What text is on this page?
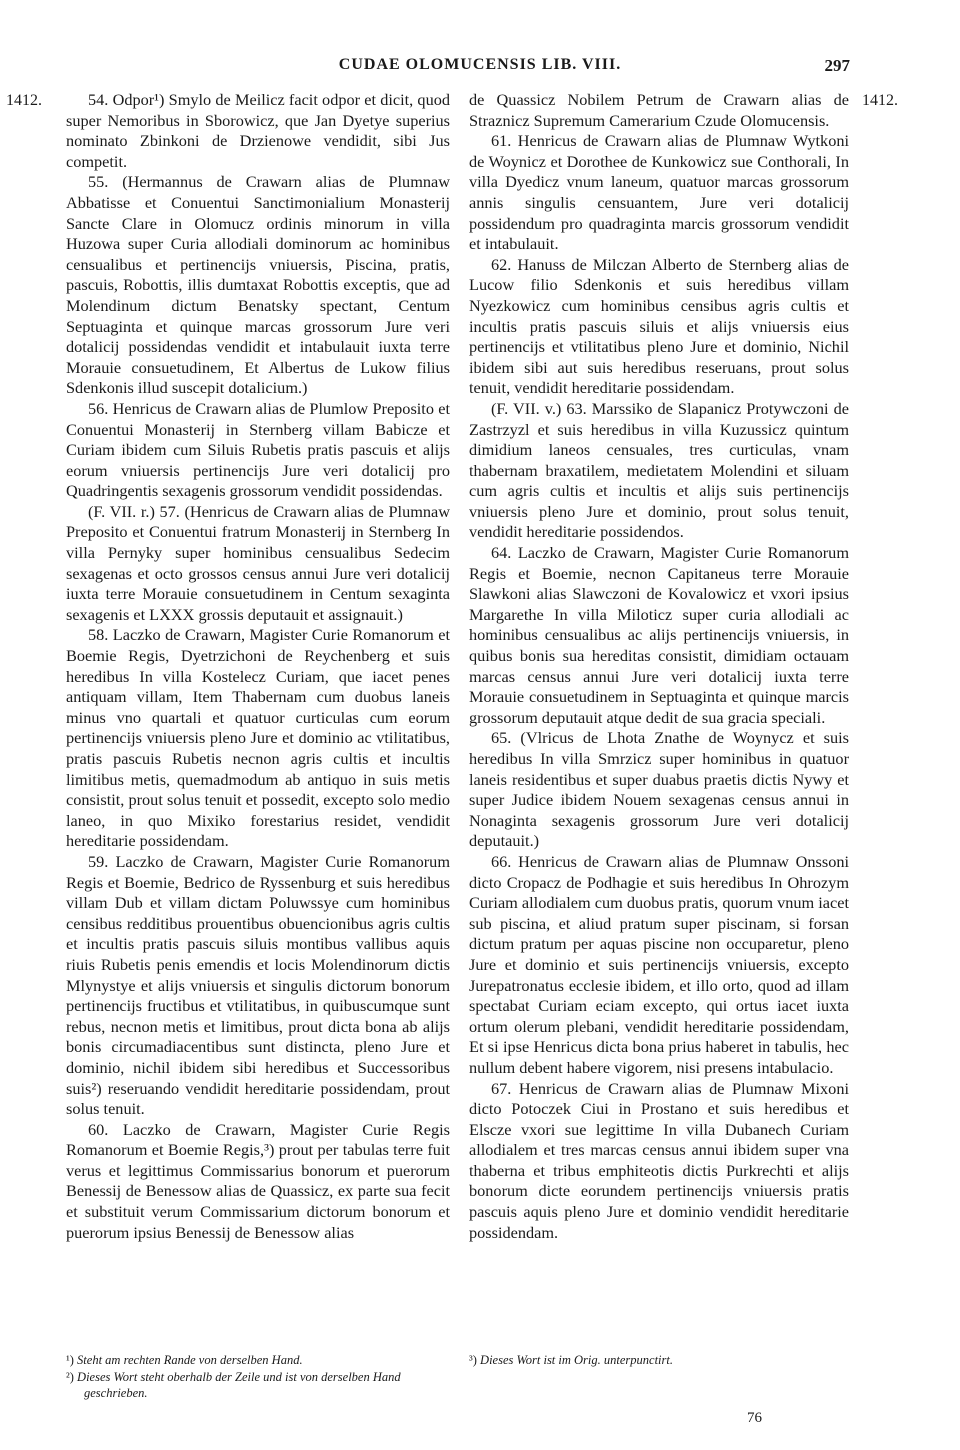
CUDAE OLOMUCENSIS LIB. VIII.	297
1412.	1412.

54. Odpor¹) Smylo de Meilicz facit odpor et dicit, quod super Nemoribus in Sborowicz, que Jan Dyetye superius nominato Zbinkoni de Drzienowe vendidit, sibi Jus competit.

55. (Hermannus de Crawarn alias de Plumnaw Abbatisse et Conuentui Sanctimonialium Monasterij Sancte Clare in Olomucz ordinis minorum in villa Huzowa super Curia allodiali dominorum ac hominibus censualibus et pertinencijs vniuersis, Piscina, pratis, pascuis, Robottis, illis dumtaxat Robottis exceptis, que ad Molendinum dictum Benatsky spectant, Centum Septuaginta et quinque marcas grossorum Jure veri dotalicij possidendas vendidit et intabulauit iuxta terre Morauie consuetudinem, Et Albertus de Lukow filius Sdenkonis illud suscepit dotalicium.)

56. Henricus de Crawarn alias de Plumlow Preposito et Conuentui Monasterij in Sternberg villam Babicze et Curiam ibidem cum Siluis Rubetis pratis pascuis et alijs eorum vniuersis pertinencijs Jure veri dotalicij pro Quadringentis sexagenis grossorum vendidit possidendas.

(F. VII. r.) 57. (Henricus de Crawarn alias de Plumnaw Preposito et Conuentui fratrum Monasterij in Sternberg In villa Pernyky super hominibus censualibus Sedecim sexagenas et octo grossos census annui Jure veri dotalicij iuxta terre Morauie consuetudinem in Centum sexaginta sexagenis et LXXX grossis deputauit et assignauit.)

58. Laczko de Crawarn, Magister Curie Romanorum et Boemie Regis, Dyetrzichoni de Reychenberg et suis heredibus In villa Kostelecz Curiam, que iacet penes antiquam villam, Item Thabernam cum duobus laneis minus vno quartali et quatuor curticulas cum eorum pertinencijs vniuersis pleno Jure et dominio ac vtilitatibus, pratis pascuis Rubetis necnon agris cultis et incultis limitibus metis, quemadmodum ab antiquo in suis metis consistit, prout solus tenuit et possedit, excepto solo medio laneo, in quo Mixiko forestarius residet, vendidit hereditarie possidendam.

59. Laczko de Crawarn, Magister Curie Romanorum Regis et Boemie, Bedrico de Ryssenburg et suis heredibus villam Dub et villam dictam Poluwssye cum hominibus censibus redditibus prouentibus obuencionibus agris cultis et incultis pratis pascuis siluis montibus vallibus aquis riuis Rubetis penis emendis et locis Molendinorum dictis Mlynystye et alijs vniuersis et singulis dictorum bonorum pertinencijs fructibus et vtilitatibus, in quibuscumque sunt rebus, necnon metis et limitibus, prout dicta bona ab alijs bonis circumadiacentibus sunt distincta, pleno Jure et dominio, nichil ibidem sibi heredibus et Successoribus suis²) reseruando vendidit hereditarie possidendam, prout solus tenuit.

60. Laczko de Crawarn, Magister Curie Regis Romanorum et Boemie Regis,³) prout per tabulas terre fuit verus et legittimus Commissarius bonorum et puerorum Benessij de Benessow alias de Quassicz, ex parte sua fecit et substituit verum Commissarium dictorum bonorum et puerorum ipsius Benessij de Benessow alias

de Quassicz Nobilem Petrum de Crawarn alias de Straznicz Supremum Camerarium Czude Olomucensis.

61. Henricus de Crawarn alias de Plumnaw Wytkoni de Woynicz et Dorothee de Kunkowicz sue Conthorali, In villa Dyedicz vnum laneum, quatuor marcas grossorum annis singulis censuantem, Jure veri dotalicij possidendum pro quadraginta marcis grossorum vendidit et intabulauit.

62. Hanuss de Milczan Alberto de Sternberg alias de Lucow filio Sdenkonis et suis heredibus villam Nyezkowicz cum hominibus censibus agris cultis et incultis pratis pascuis siluis et alijs vniuersis eius pertinencijs et vtilitatibus pleno Jure et dominio, Nichil ibidem sibi aut suis heredibus reseruans, prout solus tenuit, vendidit hereditarie possidendam.

(F. VII. v.) 63. Marssiko de Slapanicz Protywczoni de Zastrzyzl et suis heredibus in villa Kuzussicz quintum dimidium laneos censuales, tres curticulas, vnam thabernam braxatilem, medietatem Molendini et siluam cum agris cultis et incultis et alijs suis pertinencijs vniuersis pleno Jure et dominio, prout solus tenuit, vendidit hereditarie possidendos.

64. Laczko de Crawarn, Magister Curie Romanorum Regis et Boemie, necnon Capitaneus terre Morauie Slawkoni alias Slawczoni de Kovalowicz et vxori ipsius Margarethe In villa Miloticz super curia allodiali ac hominibus censualibus ac alijs pertinencijs vniuersis, in quibus bonis sua hereditas consistit, dimidiam octauam marcas census annui Jure veri dotalicij iuxta terre Morauie consuetudinem in Septuaginta et quinque marcis grossorum deputauit atque dedit de sua gracia speciali.

65. (Vlricus de Lhota Znathe de Woynycz et suis heredibus In villa Smrzicz super hominibus in quatuor laneis residentibus et super duabus praetis dictis Nywy et super Judice ibidem Nouem sexagenas census annui in Nonaginta sexagenis grossorum Jure veri dotalicij deputauit.)

66. Henricus de Crawarn alias de Plumnaw Onssoni dicto Cropacz de Podhagie et suis heredibus In Ohrozym Curiam allodialem cum duobus pratis, quorum vnum iacet sub piscina, et aliud pratum super piscinam, si forsan dictum pratum per aquas piscine non occuparetur, pleno Jure et dominio et suis pertinencijs vniuersis, excepto Jurepatronatus ecclesie ibidem, et illo orto, quod ad illam spectabat Curiam eciam excepto, qui ortus iacet iuxta ortum olerum plebani, vendidit hereditarie possidendam, Et si ipse Henricus dicta bona prius haberet in tabulis, hec nullum debent habere vigorem, nisi presens intabulacio.

67. Henricus de Crawarn alias de Plumnaw Mixoni dicto Potoczek Ciui in Prostano et suis heredibus et Elscze vxori sue legittime In villa Dubanech Curiam allodialem et tres marcas census annui ibidem super vna thaberna et tribus emphiteotis dictis Purkrechti et alijs bonorum dicte eorundem pertinencijs vniuersis pratis pascuis aquis pleno Jure et dominio vendidit hereditarie possidendam.

¹) Steht am rechten Rande von derselben Hand.

²) Dieses Wort steht oberhalb der Zeile und ist von derselben Hand geschrieben.

³) Dieses Wort ist im Orig. unterpunctirt.

76
